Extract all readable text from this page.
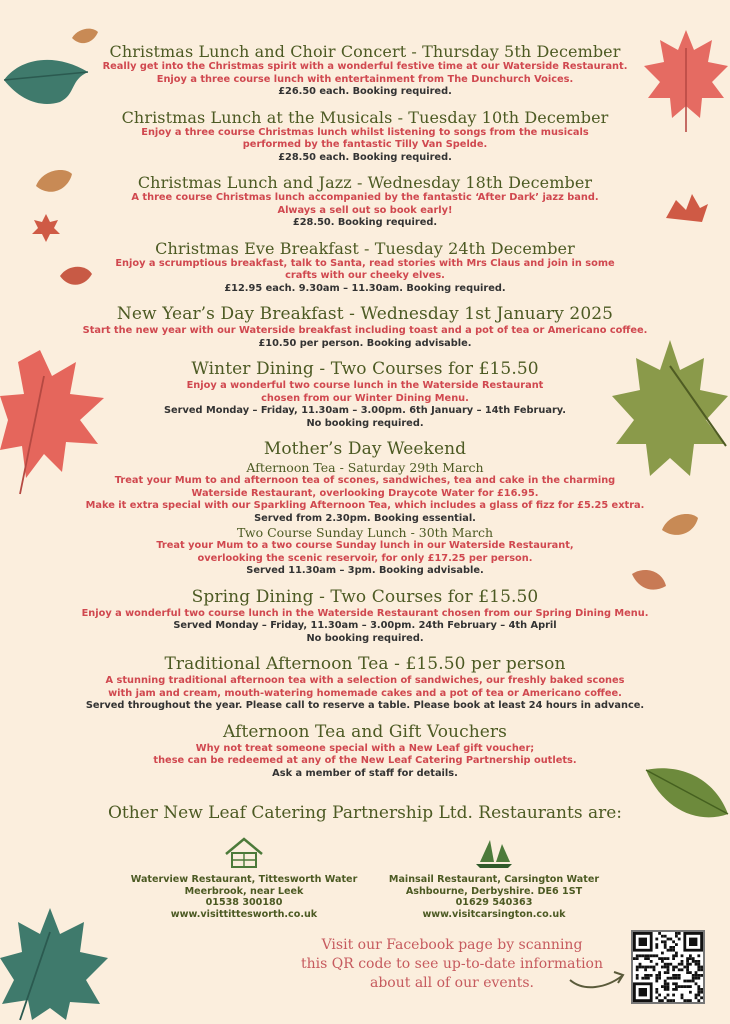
Christmas Lunch and Choir Concert - Thursday 5th December
Really get into the Christmas spirit with a wonderful festive time at our Waterside Restaurant.
Enjoy a three course lunch with entertainment from The Dunchurch Voices.
£26.50 each. Booking required.
Christmas Lunch at the Musicals - Tuesday 10th December
Enjoy a three course Christmas lunch whilst listening to songs from the musicals
performed by the fantastic Tilly Van Spelde.
£28.50 each. Booking required.
Christmas Lunch and Jazz - Wednesday 18th December
A three course Christmas lunch accompanied by the fantastic ‘After Dark’ jazz band.
Always a sell out so book early!
£28.50. Booking required.
Christmas Eve Breakfast - Tuesday 24th December
Enjoy a scrumptious breakfast, talk to Santa, read stories with Mrs Claus and join in some
crafts with our cheeky elves.
£12.95 each. 9.30am – 11.30am. Booking required.
New Year’s Day Breakfast - Wednesday 1st January 2025
Start the new year with our Waterside breakfast including toast and a pot of tea or Americano coffee.
£10.50 per person. Booking advisable.
Winter Dining - Two Courses for £15.50
Enjoy a wonderful two course lunch in the Waterside Restaurant
chosen from our Winter Dining Menu.
Served Monday – Friday, 11.30am – 3.00pm. 6th January – 14th February.
No booking required.
Mother’s Day Weekend
Afternoon Tea - Saturday 29th March
Treat your Mum to and afternoon tea of scones, sandwiches, tea and cake in the charming
Waterside Restaurant, overlooking Draycote Water for £16.95.
Make it extra special with our Sparkling Afternoon Tea, which includes a glass of fizz for £5.25 extra.
Served from 2.30pm. Booking essential.
Two Course Sunday Lunch - 30th March
Treat your Mum to a two course Sunday lunch in our Waterside Restaurant,
overlooking the scenic reservoir, for only £17.25 per person.
Served 11.30am – 3pm. Booking advisable.
Spring Dining - Two Courses for £15.50
Enjoy a wonderful two course lunch in the Waterside Restaurant chosen from our Spring Dining Menu.
Served Monday – Friday, 11.30am – 3.00pm. 24th February – 4th April
No booking required.
Traditional Afternoon Tea - £15.50 per person
A stunning traditional afternoon tea with a selection of sandwiches, our freshly baked scones
with jam and cream, mouth-watering homemade cakes and a pot of tea or Americano coffee.
Served throughout the year. Please call to reserve a table. Please book at least 24 hours in advance.
Afternoon Tea and Gift Vouchers
Why not treat someone special with a New Leaf gift voucher;
these can be redeemed at any of the New Leaf Catering Partnership outlets.
Ask a member of staff for details.
Other New Leaf Catering Partnership Ltd. Restaurants are:
Waterview Restaurant, Tittesworth Water
Meerbrook, near Leek
01538 300180
www.visittittesworth.co.uk
Mainsail Restaurant, Carsington Water
Ashbourne, Derbyshire. DE6 1ST
01629 540363
www.visitcarsington.co.uk
Visit our Facebook page by scanning
this QR code to see up-to-date information
about all of our events.
